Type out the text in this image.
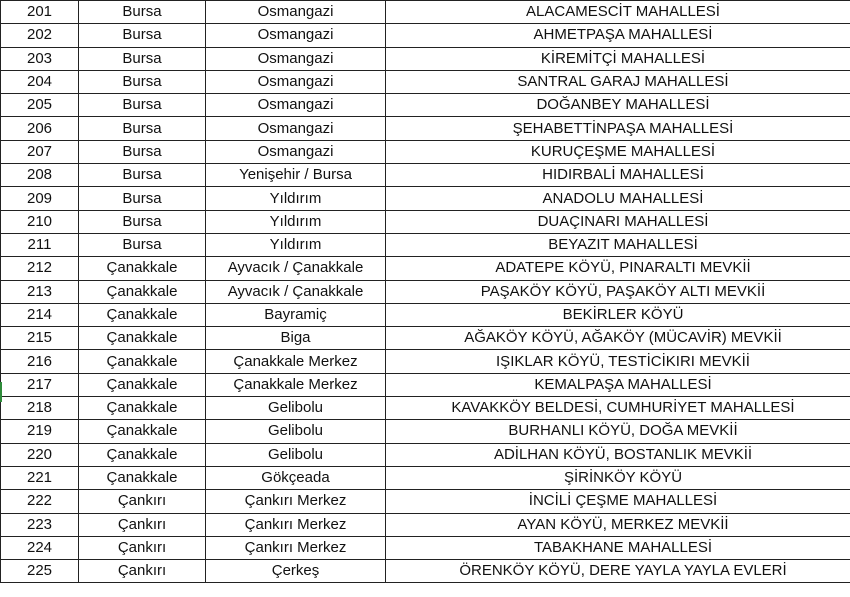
201	Bursa	Osmangazi	ALACAMESCİT MAHALLESİ
202	Bursa	Osmangazi	AHMETPAŞA MAHALLESİ
203	Bursa	Osmangazi	KİREMİTÇİ MAHALLESİ
204	Bursa	Osmangazi	SANTRAL GARAJ MAHALLESİ
205	Bursa	Osmangazi	DOĞANBEY MAHALLESİ
206	Bursa	Osmangazi	ŞEHABETTİNPAŞA MAHALLESİ
207	Bursa	Osmangazi	KURUÇEŞME MAHALLESİ
208	Bursa	Yenişehir / Bursa	HIDIRBALİ MAHALLESİ
209	Bursa	Yıldırım	ANADOLU MAHALLESİ
210	Bursa	Yıldırım	DUAÇINARI MAHALLESİ
211	Bursa	Yıldırım	BEYAZIT MAHALLESİ
212	Çanakkale	Ayvacık / Çanakkale	ADATEPE KÖYÜ, PINARALTI MEVKİİ
213	Çanakkale	Ayvacık / Çanakkale	PAŞAKÖY KÖYÜ, PAŞAKÖY ALTI MEVKİİ
214	Çanakkale	Bayramiç	BEKİRLER KÖYÜ
215	Çanakkale	Biga	AĞAKÖY KÖYÜ, AĞAKÖY (MÜCAVİR) MEVKİİ
216	Çanakkale	Çanakkale Merkez	IŞIKLAR KÖYÜ, TESTİCİKIRI MEVKİİ
217	Çanakkale	Çanakkale Merkez	KEMALPAŞA MAHALLESİ
218	Çanakkale	Gelibolu	KAVAKKÖY BELDESİ, CUMHURİYET MAHALLESİ
219	Çanakkale	Gelibolu	BURHANLI KÖYÜ, DOĞA MEVKİİ
220	Çanakkale	Gelibolu	ADİLHAN KÖYÜ, BOSTANLIK MEVKİİ
221	Çanakkale	Gökçeada	ŞİRİNKÖY KÖYÜ
222	Çankırı	Çankırı Merkez	İNCİLİ ÇEŞME MAHALLESİ
223	Çankırı	Çankırı Merkez	AYAN KÖYÜ, MERKEZ MEVKİİ
224	Çankırı	Çankırı Merkez	TABAKHANE MAHALLESİ
225	Çankırı	Çerkeş	ÖRENKÖY KÖYÜ, DERE YAYLA YAYLA EVLERİ
